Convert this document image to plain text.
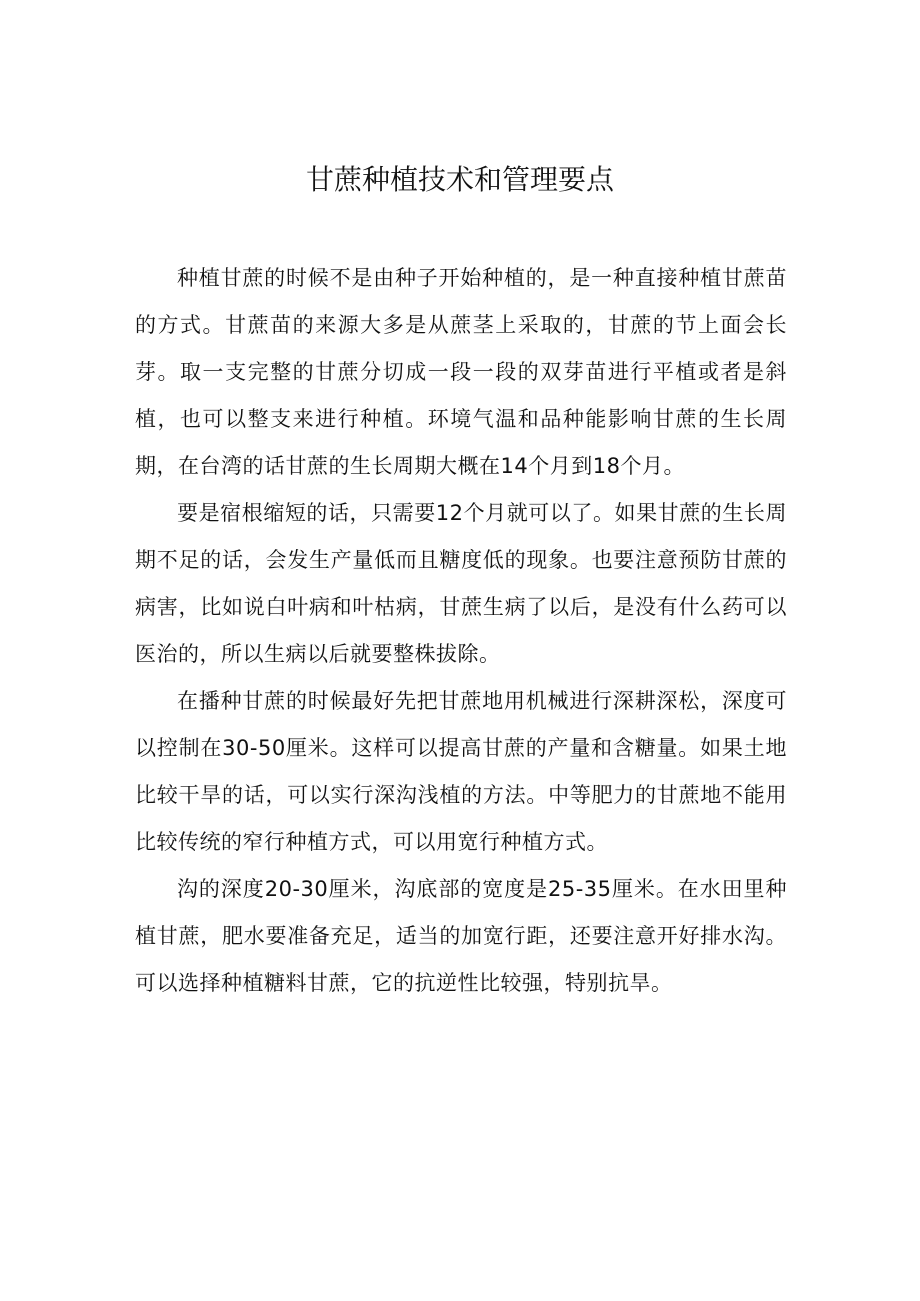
甘蔗种植技术和管理要点

种植甘蔗的时候不是由种子开始种植的，是一种直接种植甘蔗苗的方式。甘蔗苗的来源大多是从蔗茎上采取的，甘蔗的节上面会长芽。取一支完整的甘蔗分切成一段一段的双芽苗进行平植或者是斜植，也可以整支来进行种植。环境气温和品种能影响甘蔗的生长周期，在台湾的话甘蔗的生长周期大概在14个月到18个月。

要是宿根缩短的话，只需要12个月就可以了。如果甘蔗的生长周期不足的话，会发生产量低而且糖度低的现象。也要注意预防甘蔗的病害，比如说白叶病和叶枯病，甘蔗生病了以后，是没有什么药可以医治的，所以生病以后就要整株拔除。

在播种甘蔗的时候最好先把甘蔗地用机械进行深耕深松，深度可以控制在30-50厘米。这样可以提高甘蔗的产量和含糖量。如果土地比较干旱的话，可以实行深沟浅植的方法。中等肥力的甘蔗地不能用比较传统的窄行种植方式，可以用宽行种植方式。

沟的深度20-30厘米，沟底部的宽度是25-35厘米。在水田里种植甘蔗，肥水要准备充足，适当的加宽行距，还要注意开好排水沟。可以选择种植糖料甘蔗，它的抗逆性比较强，特别抗旱。
